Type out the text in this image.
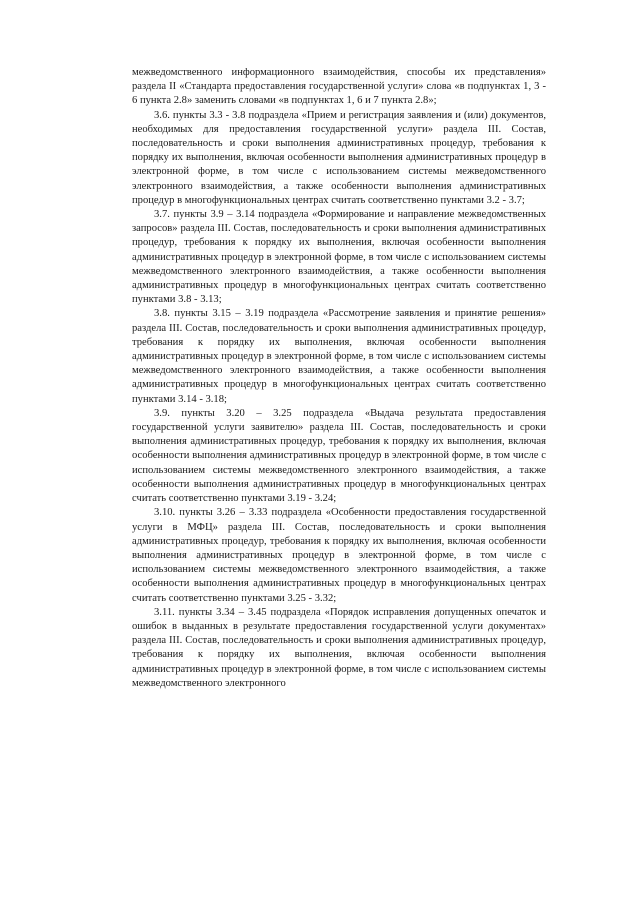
межведомственного информационного взаимодействия, способы их представления» раздела II «Стандарта предоставления государственной услуги» слова «в подпунктах 1, 3 - 6 пункта 2.8» заменить словами «в подпунктах 1, 6 и 7 пункта 2.8»;

3.6. пункты 3.3 - 3.8 подраздела «Прием и регистрация заявления и (или) документов, необходимых для предоставления государственной услуги» раздела III. Состав, последовательность и сроки выполнения административных процедур, требования к порядку их выполнения, включая особенности выполнения административных процедур в электронной форме, в том числе с использованием системы межведомственного электронного взаимодействия, а также особенности выполнения административных процедур в многофункциональных центрах считать соответственно пунктами 3.2 - 3.7;

3.7. пункты 3.9 – 3.14 подраздела «Формирование и направление межведомственных запросов» раздела III. Состав, последовательность и сроки выполнения административных процедур, требования к порядку их выполнения, включая особенности выполнения административных процедур в электронной форме, в том числе с использованием системы межведомственного электронного взаимодействия, а также особенности выполнения административных процедур в многофункциональных центрах считать соответственно пунктами 3.8 - 3.13;

3.8. пункты 3.15 – 3.19 подраздела «Рассмотрение заявления и принятие решения» раздела III. Состав, последовательность и сроки выполнения административных процедур, требования к порядку их выполнения, включая особенности выполнения административных процедур в электронной форме, в том числе с использованием системы межведомственного электронного взаимодействия, а также особенности выполнения административных процедур в многофункциональных центрах считать соответственно пунктами 3.14 - 3.18;

3.9. пункты 3.20 – 3.25 подраздела «Выдача результата предоставления государственной услуги заявителю» раздела III. Состав, последовательность и сроки выполнения административных процедур, требования к порядку их выполнения, включая особенности выполнения административных процедур в электронной форме, в том числе с использованием системы межведомственного электронного взаимодействия, а также особенности выполнения административных процедур в многофункциональных центрах считать соответственно пунктами 3.19 - 3.24;

3.10. пункты 3.26 – 3.33 подраздела «Особенности предоставления государственной услуги в МФЦ» раздела III. Состав, последовательность и сроки выполнения административных процедур, требования к порядку их выполнения, включая особенности выполнения административных процедур в электронной форме, в том числе с использованием системы межведомственного электронного взаимодействия, а также особенности выполнения административных процедур в многофункциональных центрах считать соответственно пунктами 3.25 - 3.32;

3.11. пункты 3.34 – 3.45 подраздела «Порядок исправления допущенных опечаток и ошибок в выданных в результате предоставления государственной услуги документах» раздела III. Состав, последовательность и сроки выполнения административных процедур, требования к порядку их выполнения, включая особенности выполнения административных процедур в электронной форме, в том числе с использованием системы межведомственного электронного
